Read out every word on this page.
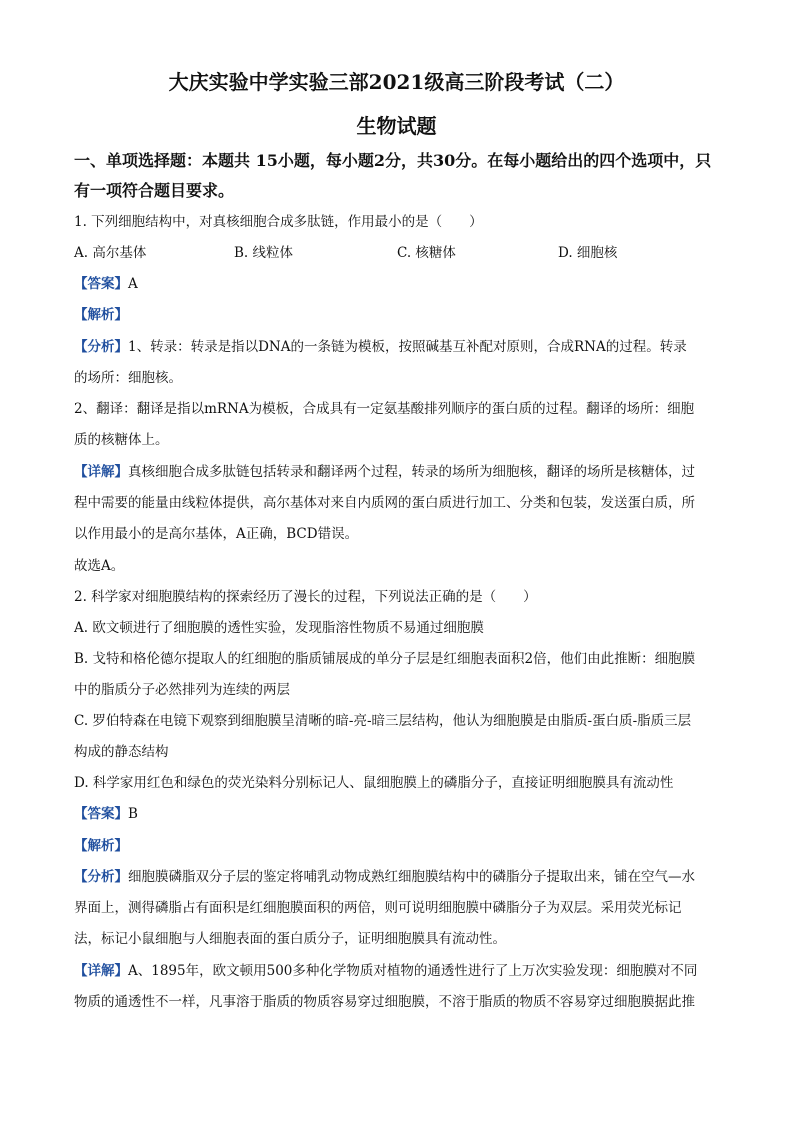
大庆实验中学实验三部2021级高三阶段考试（二）
生物试题
一、单项选择题：本题共 15小题，每小题2分，共30分。在每小题给出的四个选项中，只
有一项符合题目要求。
1. 下列细胞结构中，对真核细胞合成多肽链，作用最小的是（　　）
A. 高尔基体	B. 线粒体	C. 核糖体	D. 细胞核
【答案】A
【解析】
【分析】1、转录：转录是指以DNA的一条链为模板，按照碱基互补配对原则，合成RNA的过程。转录
的场所：细胞核。
2、翻译：翻译是指以mRNA为模板，合成具有一定氨基酸排列顺序的蛋白质的过程。翻译的场所：细胞
质的核糖体上。
【详解】真核细胞合成多肽链包括转录和翻译两个过程，转录的场所为细胞核，翻译的场所是核糖体，过
程中需要的能量由线粒体提供，高尔基体对来自内质网的蛋白质进行加工、分类和包装，发送蛋白质，所
以作用最小的是高尔基体，A正确，BCD错误。
故选A。
2. 科学家对细胞膜结构的探索经历了漫长的过程，下列说法正确的是（　　）
A. 欧文顿进行了细胞膜的透性实验，发现脂溶性物质不易通过细胞膜
B. 戈特和格伦德尔提取人的红细胞的脂质铺展成的单分子层是红细胞表面积2倍，他们由此推断：细胞膜
中的脂质分子必然排列为连续的两层
C. 罗伯特森在电镜下观察到细胞膜呈清晰的暗-亮-暗三层结构，他认为细胞膜是由脂质-蛋白质-脂质三层
构成的静态结构
D. 科学家用红色和绿色的荧光染料分别标记人、鼠细胞膜上的磷脂分子，直接证明细胞膜具有流动性
【答案】B
【解析】
【分析】细胞膜磷脂双分子层的鉴定将哺乳动物成熟红细胞膜结构中的磷脂分子提取出来，铺在空气—水
界面上，测得磷脂占有面积是红细胞膜面积的两倍，则可说明细胞膜中磷脂分子为双层。采用荧光标记
法，标记小鼠细胞与人细胞表面的蛋白质分子，证明细胞膜具有流动性。
【详解】A、1895年，欧文顿用500多种化学物质对植物的通透性进行了上万次实验发现：细胞膜对不同
物质的通透性不一样，凡事溶于脂质的物质容易穿过细胞膜，不溶于脂质的物质不容易穿过细胞膜据此推
